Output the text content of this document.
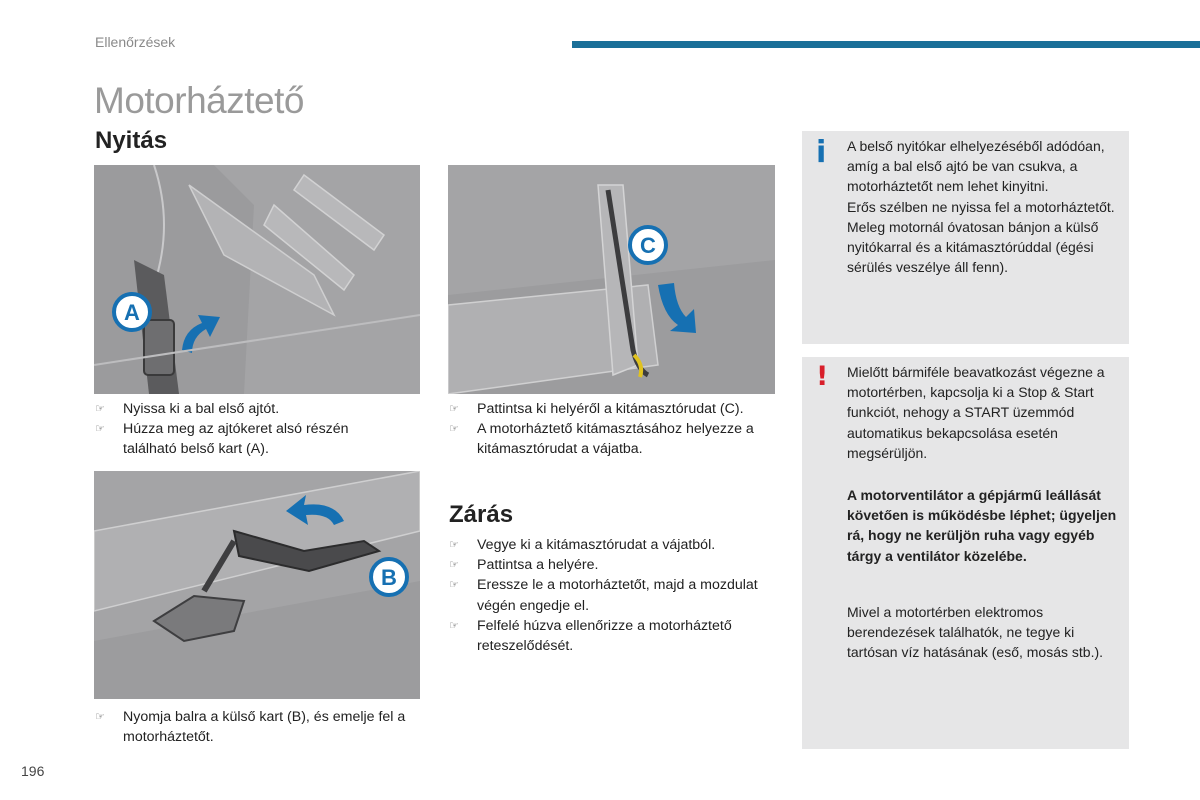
Ellenőrzések
Motorháztető
Nyitás
A
C
☞ Nyissa ki a bal első ajtót.
☞ Húzza meg az ajtókeret alsó részén található belső kart (A).
☞ Pattintsa ki helyéről a kitámasztórudat (C).
☞ A motorháztető kitámasztásához helyezze a kitámasztórudat a vájatba.
B
☞ Nyomja balra a külső kart (B), és emelje fel a motorháztetőt.
Zárás
☞ Vegye ki a kitámasztórudat a vájatból.
☞ Pattintsa a helyére.
☞ Eressze le a motorháztetőt, majd a mozdulat végén engedje el.
☞ Felfelé húzva ellenőrizze a motorháztető reteszelődését.
i A belső nyitókar elhelyezéséből adódóan, amíg a bal első ajtó be van csukva, a motorháztetőt nem lehet kinyitni.

Erős szélben ne nyissa fel a motorháztetőt.

Meleg motornál óvatosan bánjon a külső nyitókarral és a kitámasztórúddal (égési sérülés veszélye áll fenn).

! Mielőtt bármiféle beavatkozást végezne a motortérben, kapcsolja ki a Stop & Start funkciót, nehogy a START üzemmód automatikus bekapcsolása esetén megsérüljön.

A motorventilátor a gépjármű leállását követően is működésbe léphet; ügyeljen rá, hogy ne kerüljön ruha vagy egyéb tárgy a ventilátor közelébe.

Mivel a motortérben elektromos berendezések találhatók, ne tegye ki tartósan víz hatásának (eső, mosás stb.).

196
